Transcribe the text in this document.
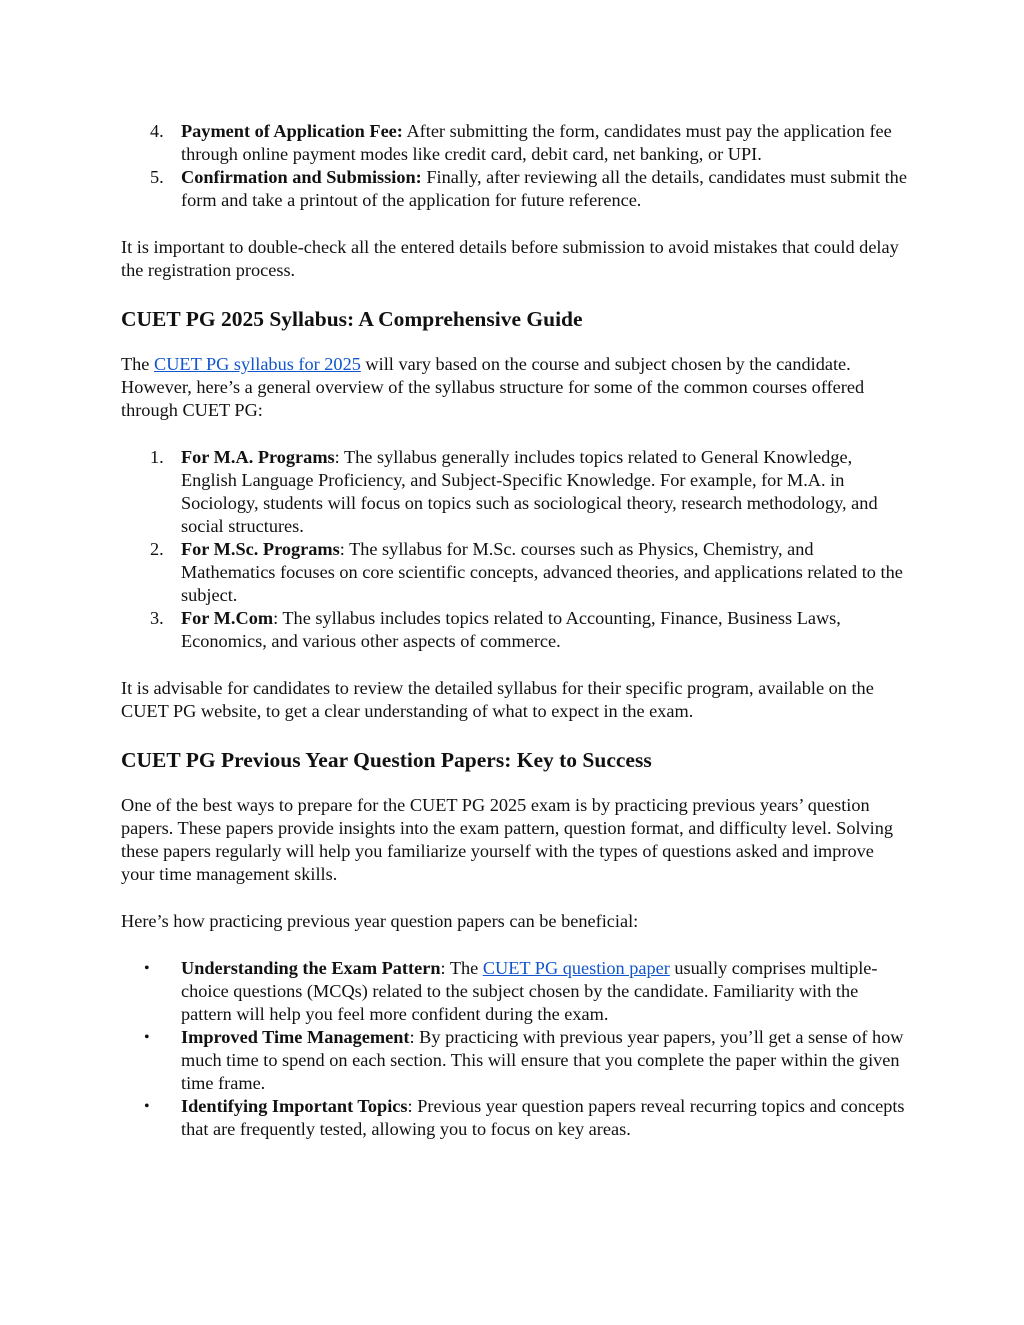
4. Payment of Application Fee: After submitting the form, candidates must pay the application fee through online payment modes like credit card, debit card, net banking, or UPI.
5. Confirmation and Submission: Finally, after reviewing all the details, candidates must submit the form and take a printout of the application for future reference.

It is important to double-check all the entered details before submission to avoid mistakes that could delay the registration process.

CUET PG 2025 Syllabus: A Comprehensive Guide

The CUET PG syllabus for 2025 will vary based on the course and subject chosen by the candidate. However, here’s a general overview of the syllabus structure for some of the common courses offered through CUET PG:

1. For M.A. Programs: The syllabus generally includes topics related to General Knowledge, English Language Proficiency, and Subject-Specific Knowledge. For example, for M.A. in Sociology, students will focus on topics such as sociological theory, research methodology, and social structures.
2. For M.Sc. Programs: The syllabus for M.Sc. courses such as Physics, Chemistry, and Mathematics focuses on core scientific concepts, advanced theories, and applications related to the subject.
3. For M.Com: The syllabus includes topics related to Accounting, Finance, Business Laws, Economics, and various other aspects of commerce.

It is advisable for candidates to review the detailed syllabus for their specific program, available on the CUET PG website, to get a clear understanding of what to expect in the exam.

CUET PG Previous Year Question Papers: Key to Success

One of the best ways to prepare for the CUET PG 2025 exam is by practicing previous years’ question papers. These papers provide insights into the exam pattern, question format, and difficulty level. Solving these papers regularly will help you familiarize yourself with the types of questions asked and improve your time management skills.

Here’s how practicing previous year question papers can be beneficial:

• Understanding the Exam Pattern: The CUET PG question paper usually comprises multiple-choice questions (MCQs) related to the subject chosen by the candidate. Familiarity with the pattern will help you feel more confident during the exam.
• Improved Time Management: By practicing with previous year papers, you’ll get a sense of how much time to spend on each section. This will ensure that you complete the paper within the given time frame.
• Identifying Important Topics: Previous year question papers reveal recurring topics and concepts that are frequently tested, allowing you to focus on key areas.
